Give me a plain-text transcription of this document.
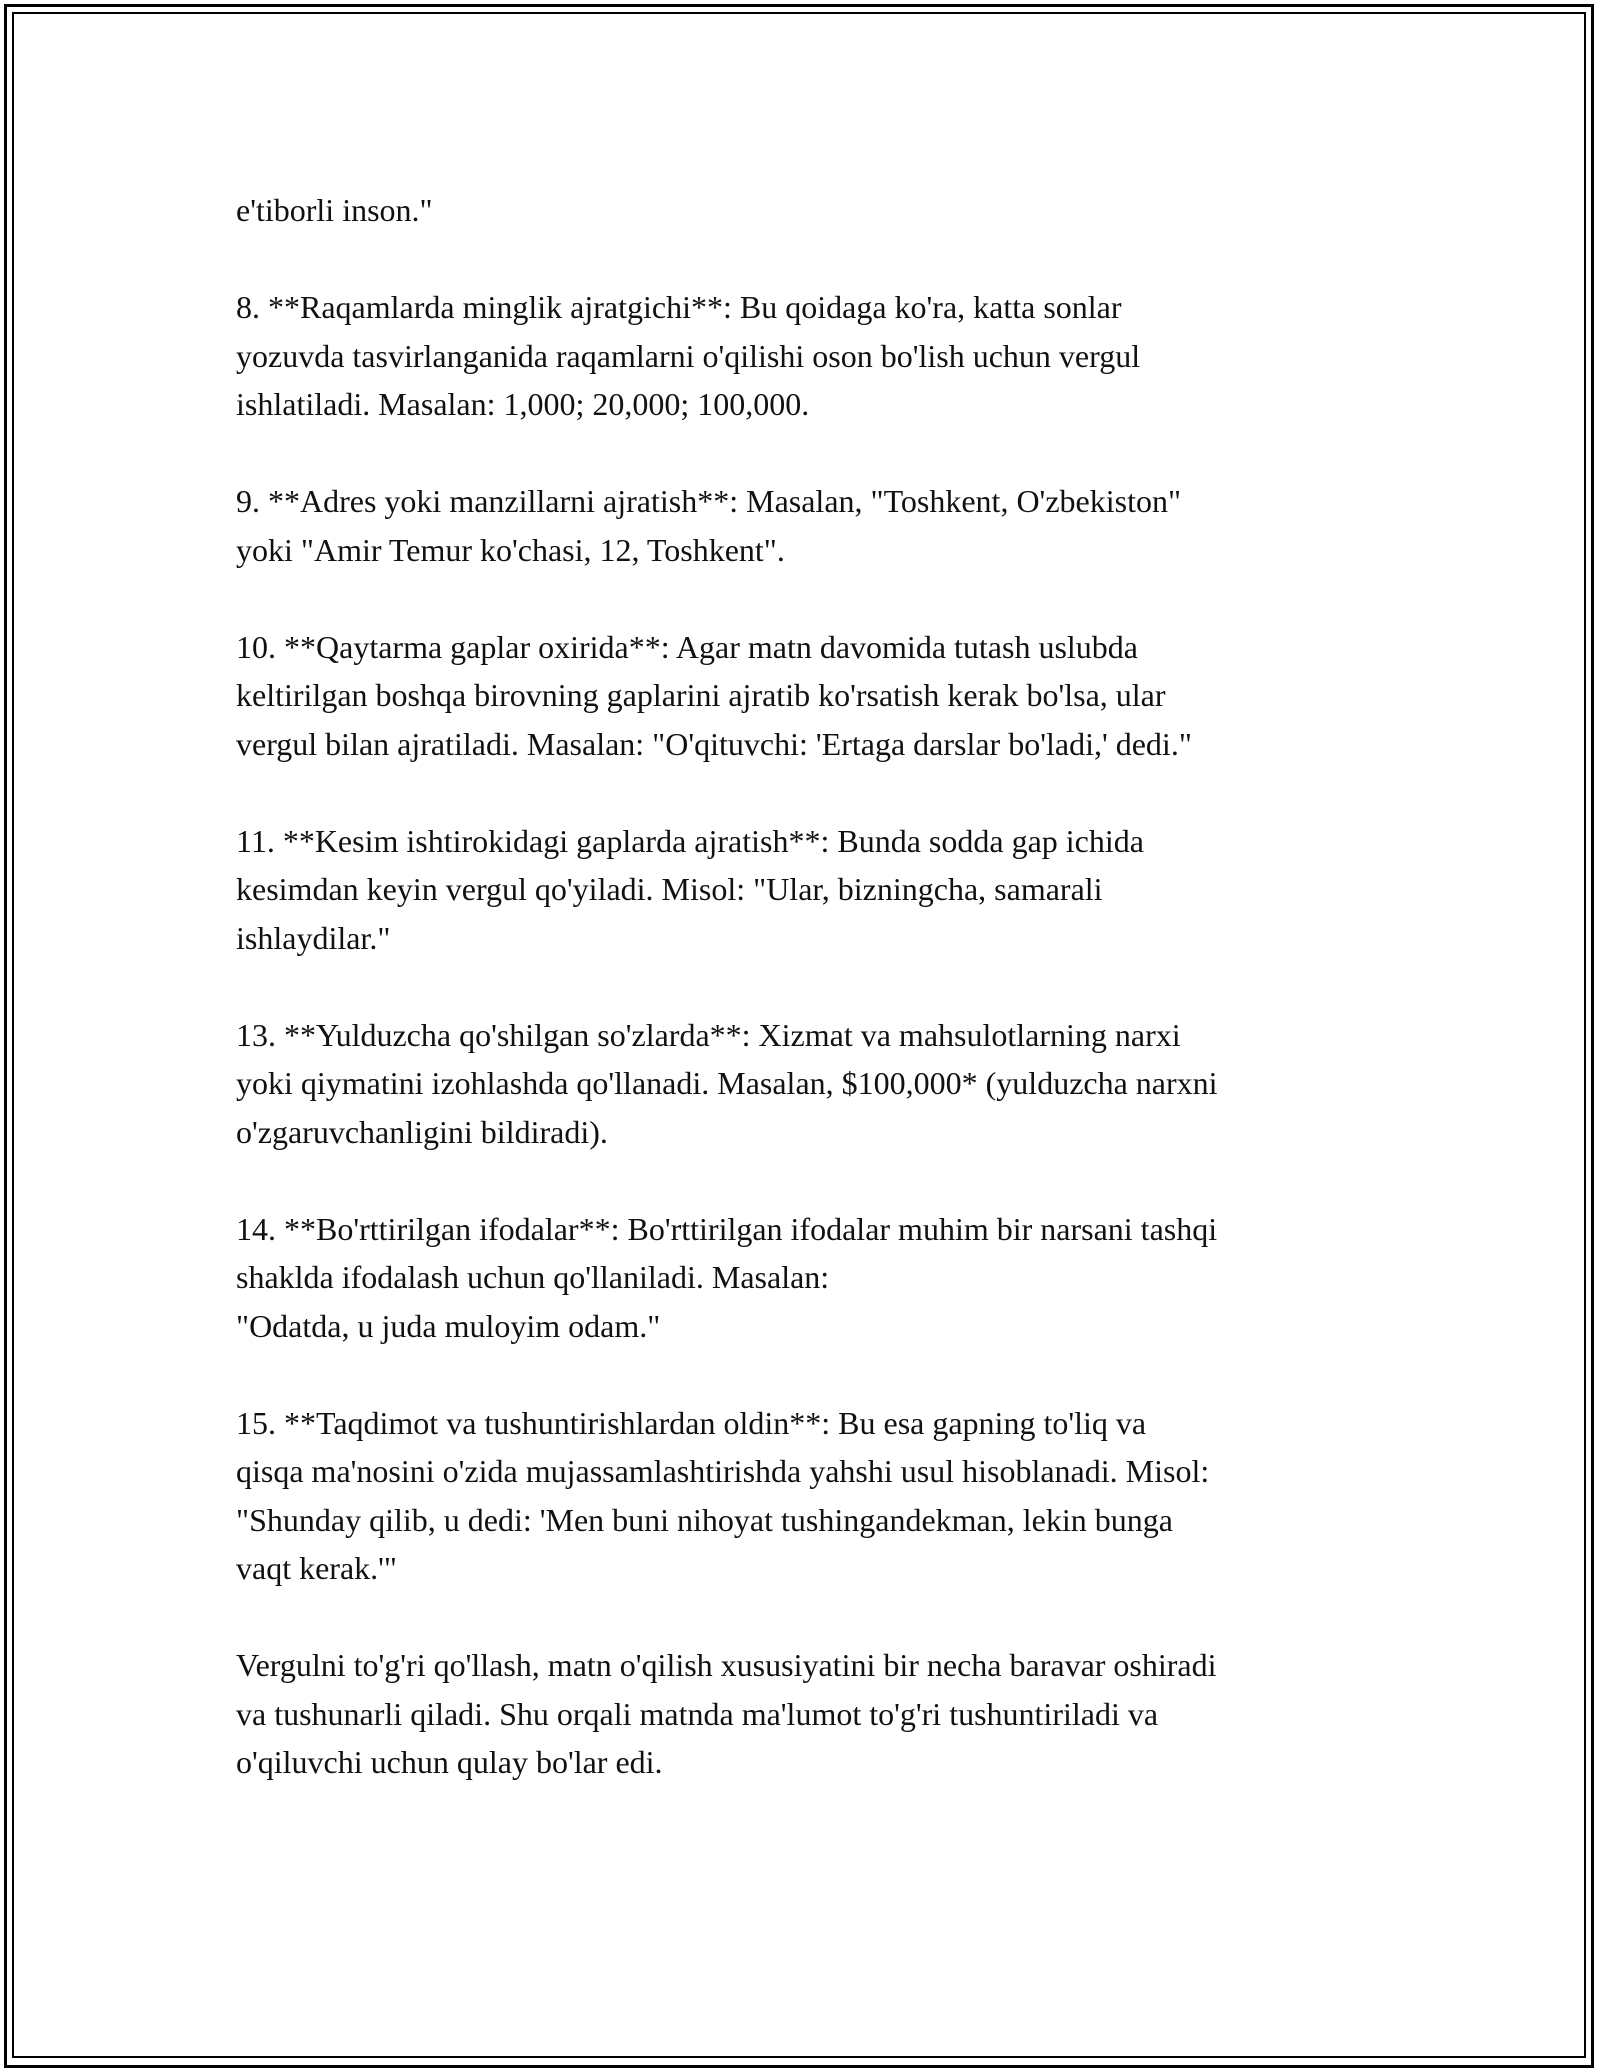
e'tiborli inson."

8. **Raqamlarda minglik ajratgichi**: Bu qoidaga ko'ra, katta sonlar
yozuvda tasvirlanganida raqamlarni o'qilishi oson bo'lish uchun vergul
ishlatiladi. Masalan: 1,000; 20,000; 100,000.

9. **Adres yoki manzillarni ajratish**: Masalan, "Toshkent, O'zbekiston"
yoki "Amir Temur ko'chasi, 12, Toshkent".

10. **Qaytarma gaplar oxirida**: Agar matn davomida tutash uslubda
keltirilgan boshqa birovning gaplarini ajratib ko'rsatish kerak bo'lsa, ular
vergul bilan ajratiladi. Masalan: "O'qituvchi: 'Ertaga darslar bo'ladi,' dedi."

11. **Kesim ishtirokidagi gaplarda ajratish**: Bunda sodda gap ichida
kesimdan keyin vergul qo'yiladi. Misol: "Ular, bizningcha, samarali
ishlaydilar."

13. **Yulduzcha qo'shilgan so'zlarda**: Xizmat va mahsulotlarning narxi
yoki qiymatini izohlashda qo'llanadi. Masalan, $100,000* (yulduzcha narxni
o'zgaruvchanligini bildiradi).

14. **Bo'rttirilgan ifodalar**: Bo'rttirilgan ifodalar muhim bir narsani tashqi
shaklda ifodalash uchun qo'llaniladi. Masalan:
"Odatda, u juda muloyim odam."

15. **Taqdimot va tushuntirishlardan oldin**: Bu esa gapning to'liq va
qisqa ma'nosini o'zida mujassamlashtirishda yahshi usul hisoblanadi. Misol:
"Shunday qilib, u dedi: 'Men buni nihoyat tushingandekman, lekin bunga
vaqt kerak.'"

Vergulni to'g'ri qo'llash, matn o'qilish xususiyatini bir necha baravar oshiradi
va tushunarli qiladi. Shu orqali matnda ma'lumot to'g'ri tushuntiriladi va
o'qiluvchi uchun qulay bo'lar edi.
